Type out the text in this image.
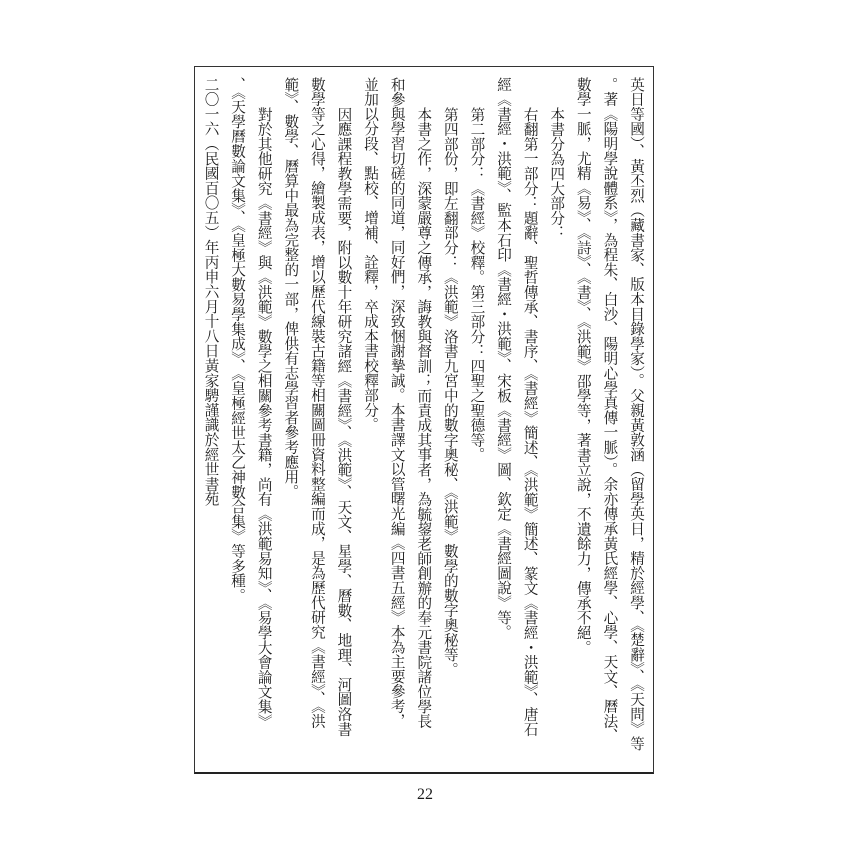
英日等國）、黃丕烈（藏書家、版本目錄學家）。父親黃敦涵（留學英日，精於經學、《楚辭》、《天問》等
。著《陽明學說體系》，為程朱、白沙、陽明心學真傳一脈）。余亦傳承黃氏經學、心學、天文、曆法、
數學一脈，尤精《易》、《詩》、《書》、《洪範》邵學等，著書立說，不遺餘力，傳承不絕。
本書分為四大部分：
右翻第一部分：題辭、聖哲傳承、書序、《書經》簡述、《洪範》簡述、篆文《書經・洪範》、唐石
經《書經・洪範》、監本石印《書經・洪範》、宋板《書經》圖、欽定《書經圖說》等。
第二部分：《書經》校釋。第三部分：四聖之聖德等。
第四部份，即左翻部分：《洪範》洛書九宮中的數字奧秘、《洪範》數學的數字奧秘等。
本書之作，深蒙嚴尊之傳承，誨教與督訓；而責成其事者，為毓鋆老師創辦的奉元書院諸位學長
和參與學習切磋的同道，同好們，深致悃謝摯誠。本書譯文以管曙光編《四書五經》本為主要參考，
並加以分段、點校、增補、詮釋，卒成本書校釋部分。
因應課程教學需要，附以數十年研究諸經《書經》、《洪範》、天文、星學、曆數、地理、河圖洛書
數學等之心得，繪製成表，增以歷代線裝古籍等相關圖冊資料整編而成，是為歷代研究《書經》、《洪
範》、數學、曆算中最為完整的一部，俾供有志學習者參考應用。
對於其他研究《書經》與《洪範》數學之相關參考書籍，尚有《洪範易知》、《易學大會論文集》
、《天學曆數論文集》、《皇極大數易學集成》、《皇極經世太乙神數合集》等多種。
二〇一六（民國百〇五）年丙申六月十八日黃家騁謹識於經世書苑
22
